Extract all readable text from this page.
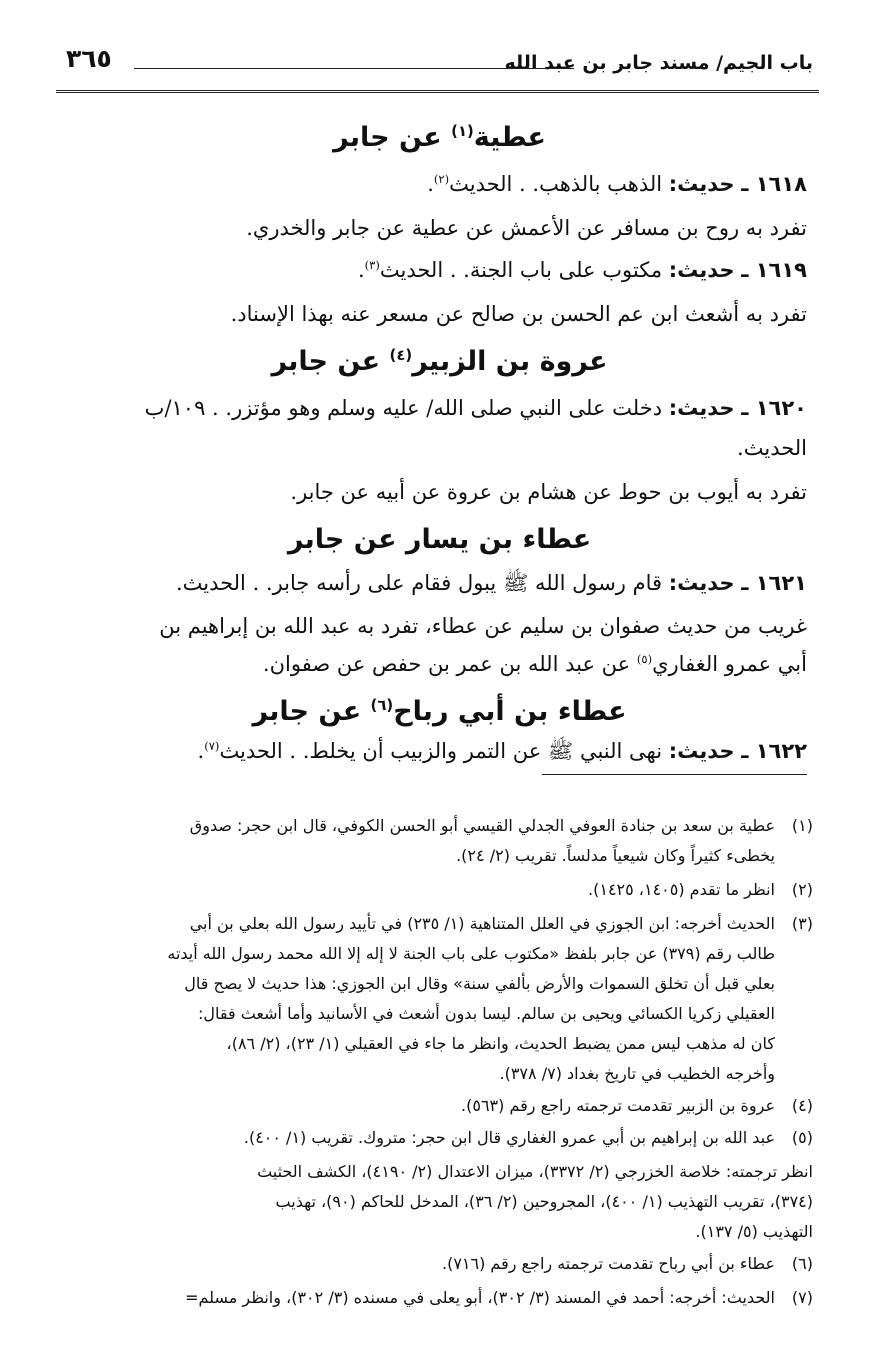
باب الجيم/ مسند جابر بن عبد الله
٣٦٥
عطية$^{(١)}$ عن جابر
١٦١٨ ـ حديث: الذهب بالذهب. . الحديث$^{(٢)}$.
تفرد به روح بن مسافر عن الأعمش عن عطية عن جابر والخدري.
١٦١٩ ـ حديث: مكتوب على باب الجنة. . الحديث$^{(٣)}$.
تفرد به أشعث ابن عم الحسن بن صالح عن مسعر عنه بهذا الإسناد.
عروة بن الزبير$^{(٤)}$ عن جابر
١٦٢٠ ـ حديث: دخلت على النبي صلى الله/ عليه وسلم وهو مؤتزر. . ١٠٩/ب
الحديث.
تفرد به أيوب بن حوط عن هشام بن عروة عن أبيه عن جابر.
عطاء بن يسار عن جابر
١٦٢١ ـ حديث: قام رسول الله ﷺ يبول فقام على رأسه جابر. . الحديث.
غريب من حديث صفوان بن سليم عن عطاء، تفرد به عبد الله بن إبراهيم بن
أبي عمرو الغفاري$^{(٥)}$ عن عبد الله بن عمر بن حفص عن صفوان.
عطاء بن أبي رباح$^{(٦)}$ عن جابر
١٦٢٢ ـ حديث: نهى النبي ﷺ عن التمر والزبيب أن يخلط. . الحديث$^{(٧)}$.
(١)
عطية بن سعد بن جنادة العوفي الجدلي القيسي أبو الحسن الكوفي، قال ابن حجر: صدوق
يخطىء كثيراً وكان شيعياً مدلساً. تقريب (٢/ ٢٤).
(٢)
انظر ما تقدم (١٤٠٥، ١٤٢٥).
(٣)
الحديث أخرجه: ابن الجوزي في العلل المتناهية (١/ ٢٣٥) في تأييد رسول الله بعلي بن أبي
طالب رقم (٣٧٩) عن جابر بلفظ «مكتوب على باب الجنة لا إله إلا الله محمد رسول الله أيدته
بعلي قبل أن تخلق السموات والأرض بألفي سنة» وقال ابن الجوزي: هذا حديث لا يصح قال
العقيلي زكريا الكسائي ويحيى بن سالم. ليسا بدون أشعث في الأسانيد وأما أشعث فقال:
كان له مذهب ليس ممن يضبط الحديث، وانظر ما جاء في العقيلي (١/ ٢٣)، (٢/ ٨٦)،
وأخرجه الخطيب في تاريخ بغداد (٧/ ٣٧٨).
(٤)
عروة بن الزبير تقدمت ترجمته راجع رقم (٥٦٣).
(٥)
عبد الله بن إبراهيم بن أبي عمرو الغفاري قال ابن حجر: متروك. تقريب (١/ ٤٠٠).
انظر ترجمته: خلاصة الخزرجي (٢/ ٣٣٧٢)، ميزان الاعتدال (٢/ ٤١٩٠)، الكشف الحثيث
(٣٧٤)، تقريب التهذيب (١/ ٤٠٠)، المجروحين (٢/ ٣٦)، المدخل للحاكم (٩٠)، تهذيب
التهذيب (٥/ ١٣٧).
(٦)
عطاء بن أبي رباح تقدمت ترجمته راجع رقم (٧١٦).
(٧)
الحديث: أخرجه: أحمد في المسند (٣/ ٣٠٢)، أبو يعلى في مسنده (٣/ ٣٠٢)، وانظر مسلم=
